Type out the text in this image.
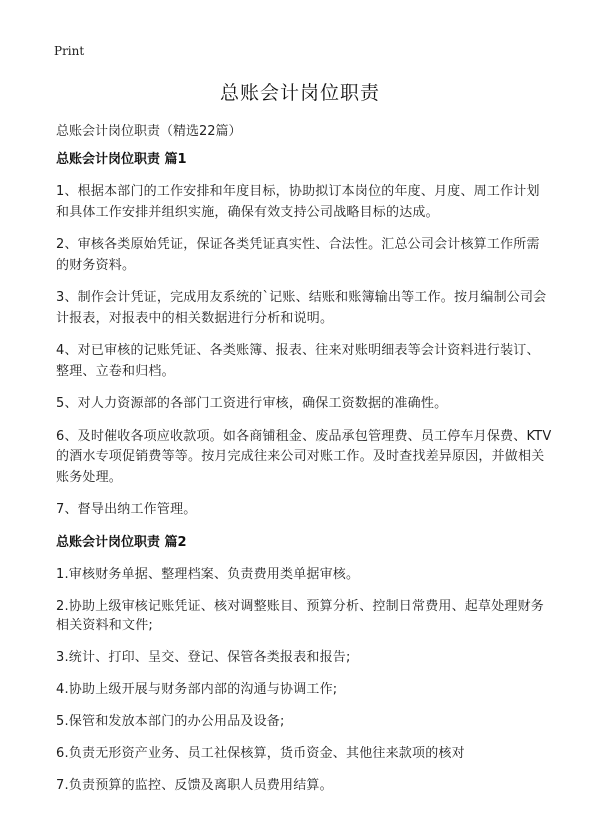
Print
总账会计岗位职责
总账会计岗位职责（精选22篇）
总账会计岗位职责 篇1
1、根据本部门的工作安排和年度目标，协助拟订本岗位的年度、月度、周工作计划和具体工作安排并组织实施，确保有效支持公司战略目标的达成。
2、审核各类原始凭证，保证各类凭证真实性、合法性。汇总公司会计核算工作所需的财务资料。
3、制作会计凭证，完成用友系统的`记账、结账和账簿输出等工作。按月编制公司会计报表，对报表中的相关数据进行分析和说明。
4、对已审核的记账凭证、各类账簿、报表、往来对账明细表等会计资料进行装订、整理、立卷和归档。
5、对人力资源部的各部门工资进行审核，确保工资数据的准确性。
6、及时催收各项应收款项。如各商铺租金、废品承包管理费、员工停车月保费、KTV的酒水专项促销费等等。按月完成往来公司对账工作。及时查找差异原因，并做相关账务处理。
7、督导出纳工作管理。
总账会计岗位职责 篇2
1.审核财务单据、整理档案、负责费用类单据审核。
2.协助上级审核记账凭证、核对调整账目、预算分析、控制日常费用、起草处理财务相关资料和文件;
3.统计、打印、呈交、登记、保管各类报表和报告;
4.协助上级开展与财务部内部的沟通与协调工作;
5.保管和发放本部门的办公用品及设备;
6.负责无形资产业务、员工社保核算，货币资金、其他往来款项的核对
7.负责预算的监控、反馈及离职人员费用结算。
